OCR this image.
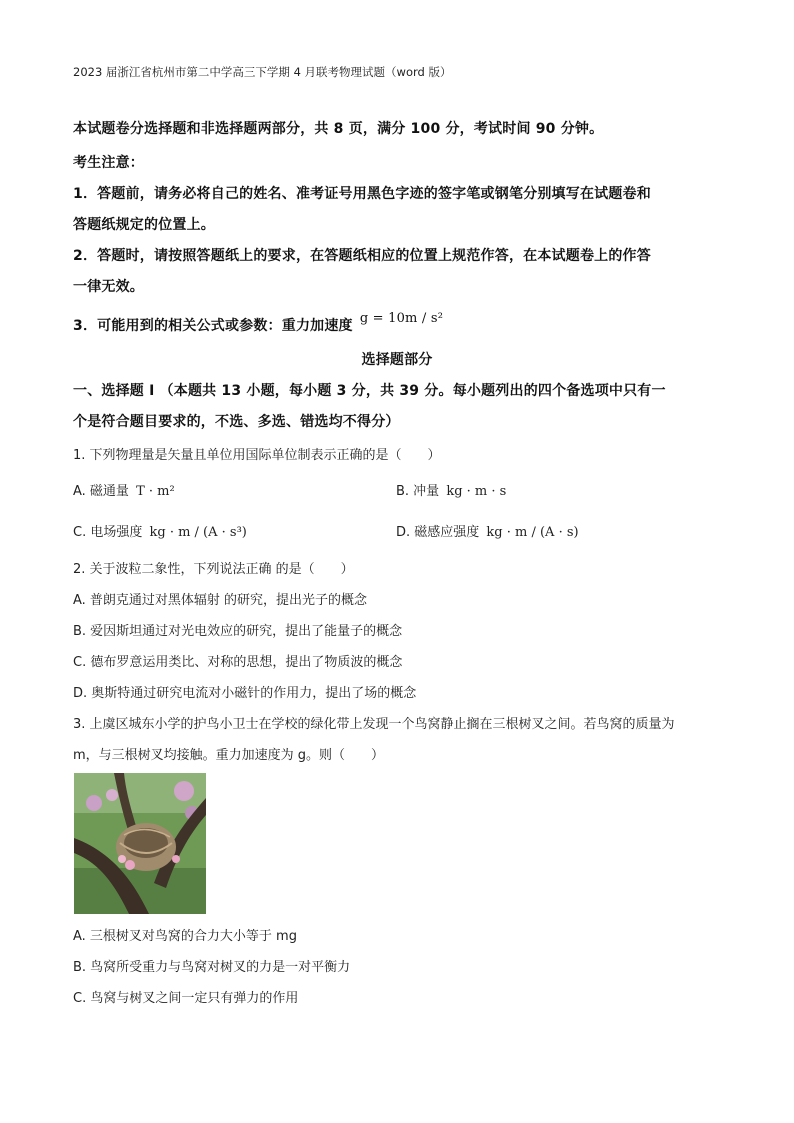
2023 届浙江省杭州市第二中学高三下学期 4 月联考物理试题（word 版）
本试题卷分选择题和非选择题两部分，共 8 页，满分 100 分，考试时间 90 分钟。
考生注意：
1．答题前，请务必将自己的姓名、准考证号用黑色字迹的签字笔或钢笔分别填写在试题卷和
答题纸规定的位置上。
2．答题时，请按照答题纸上的要求，在答题纸相应的位置上规范作答，在本试题卷上的作答
一律无效。
3．可能用到的相关公式或参数：重力加速度 g = 10m / s²
选择题部分
一、选择题 I （本题共 13 小题，每小题 3 分，共 39 分。每小题列出的四个备选项中只有一
个是符合题目要求的，不选、多选、错选均不得分）
1. 下列物理量是矢量且单位用国际单位制表示正确的是（　　）
A. 磁通量 T · m²	B. 冲量 kg · m · s
C. 电场强度 kg · m / (A · s³)	D. 磁感应强度 kg · m / (A · s)
2. 关于波粒二象性，下列说法正确 的是（　　）
A. 普朗克通过对黑体辐射 的研究，提出光子的概念
B. 爱因斯坦通过对光电效应的研究，提出了能量子的概念
C. 德布罗意运用类比、对称的思想，提出了物质波的概念
D. 奥斯特通过研究电流对小磁针的作用力，提出了场的概念
3. 上虞区城东小学的护鸟小卫士在学校的绿化带上发现一个鸟窝静止搁在三根树叉之间。若鸟窝的质量为
m，与三根树叉均接触。重力加速度为 g。则（　　）
A. 三根树叉对鸟窝的合力大小等于 mg
B. 鸟窝所受重力与鸟窝对树叉的力是一对平衡力
C. 鸟窝与树叉之间一定只有弹力的作用
